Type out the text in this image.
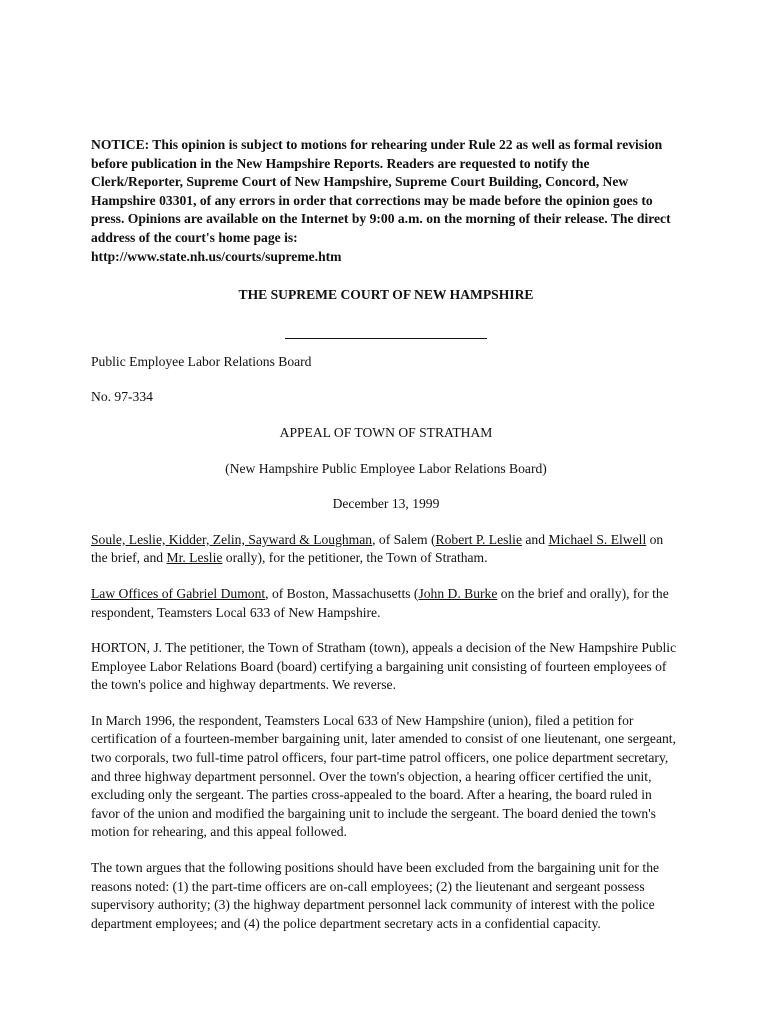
NOTICE: This opinion is subject to motions for rehearing under Rule 22 as well as formal revision before publication in the New Hampshire Reports. Readers are requested to notify the Clerk/Reporter, Supreme Court of New Hampshire, Supreme Court Building, Concord, New Hampshire 03301, of any errors in order that corrections may be made before the opinion goes to press. Opinions are available on the Internet by 9:00 a.m. on the morning of their release. The direct address of the court's home page is:
http://www.state.nh.us/courts/supreme.htm

THE SUPREME COURT OF NEW HAMPSHIRE

Public Employee Labor Relations Board

No. 97-334

APPEAL OF TOWN OF STRATHAM

(New Hampshire Public Employee Labor Relations Board)

December 13, 1999

Soule, Leslie, Kidder, Zelin, Sayward & Loughman, of Salem (Robert P. Leslie and Michael S. Elwell on the brief, and Mr. Leslie orally), for the petitioner, the Town of Stratham.

Law Offices of Gabriel Dumont, of Boston, Massachusetts (John D. Burke on the brief and orally), for the respondent, Teamsters Local 633 of New Hampshire.

HORTON, J. The petitioner, the Town of Stratham (town), appeals a decision of the New Hampshire Public Employee Labor Relations Board (board) certifying a bargaining unit consisting of fourteen employees of the town's police and highway departments. We reverse.

In March 1996, the respondent, Teamsters Local 633 of New Hampshire (union), filed a petition for certification of a fourteen-member bargaining unit, later amended to consist of one lieutenant, one sergeant, two corporals, two full-time patrol officers, four part-time patrol officers, one police department secretary, and three highway department personnel. Over the town's objection, a hearing officer certified the unit, excluding only the sergeant. The parties cross-appealed to the board. After a hearing, the board ruled in favor of the union and modified the bargaining unit to include the sergeant. The board denied the town's motion for rehearing, and this appeal followed.

The town argues that the following positions should have been excluded from the bargaining unit for the reasons noted: (1) the part-time officers are on-call employees; (2) the lieutenant and sergeant possess supervisory authority; (3) the highway department personnel lack community of interest with the police department employees; and (4) the police department secretary acts in a confidential capacity.
